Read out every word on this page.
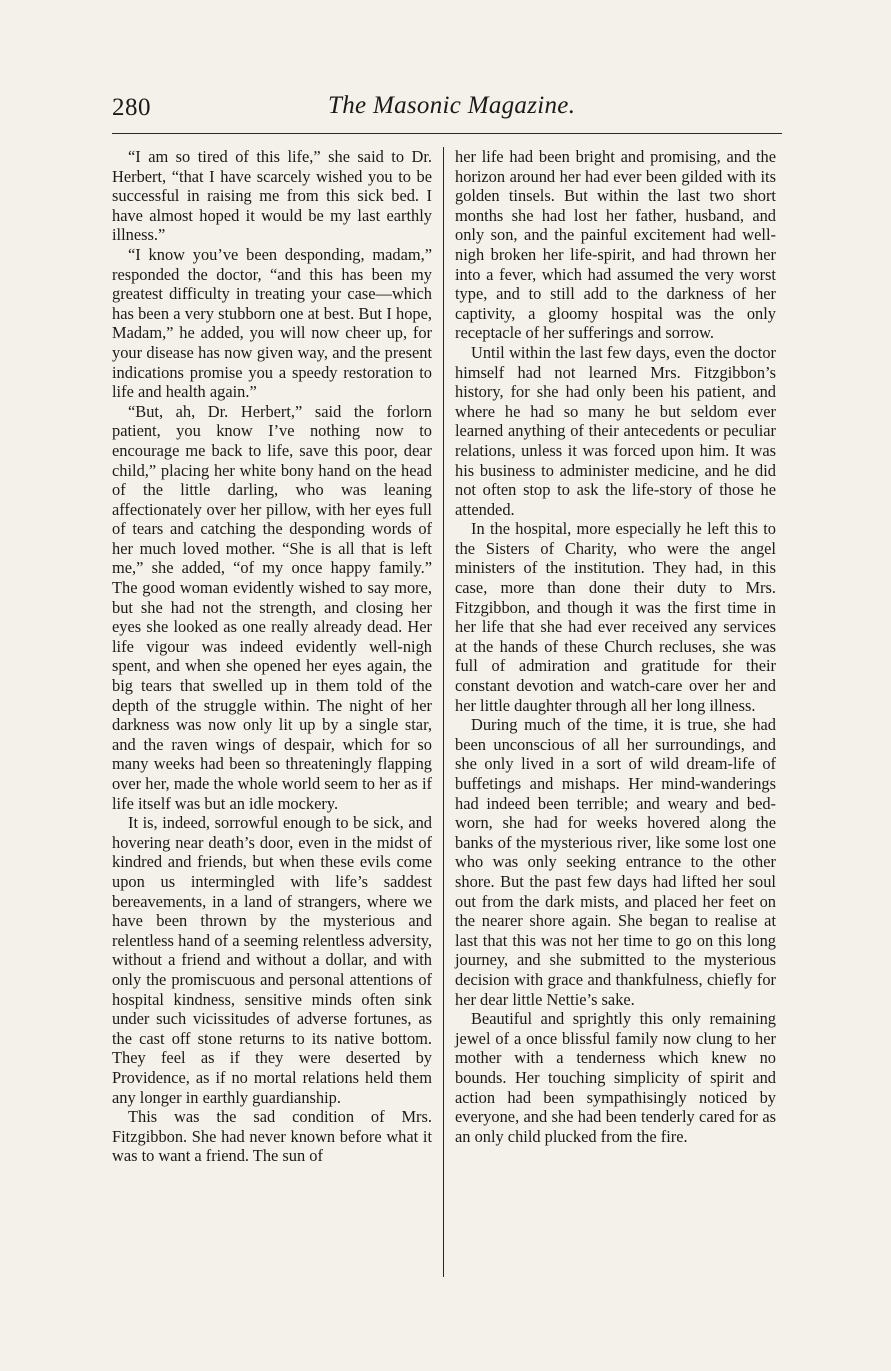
280	The Masonic Magazine.

“I am so tired of this life,” she said to Dr. Herbert, “that I have scarcely wished you to be successful in raising me from this sick bed. I have almost hoped it would be my last earthly illness.”

“I know you’ve been desponding, madam,” responded the doctor, “and this has been my greatest difficulty in treating your case—which has been a very stubborn one at best. But I hope, Madam,” he added, you will now cheer up, for your disease has now given way, and the present indications promise you a speedy restoration to life and health again.”

“But, ah, Dr. Herbert,” said the forlorn patient, you know I’ve nothing now to encourage me back to life, save this poor, dear child,” placing her white bony hand on the head of the little darling, who was leaning affectionately over her pillow, with her eyes full of tears and catching the desponding words of her much loved mother. “She is all that is left me,” she added, “of my once happy family.” The good woman evidently wished to say more, but she had not the strength, and closing her eyes she looked as one really already dead. Her life vigour was indeed evidently well-nigh spent, and when she opened her eyes again, the big tears that swelled up in them told of the depth of the struggle within. The night of her darkness was now only lit up by a single star, and the raven wings of despair, which for so many weeks had been so threateningly flapping over her, made the whole world seem to her as if life itself was but an idle mockery.

It is, indeed, sorrowful enough to be sick, and hovering near death’s door, even in the midst of kindred and friends, but when these evils come upon us intermingled with life’s saddest bereavements, in a land of strangers, where we have been thrown by the mysterious and relentless hand of a seeming relentless adversity, without a friend and without a dollar, and with only the promiscuous and personal attentions of hospital kindness, sensitive minds often sink under such vicissitudes of adverse fortunes, as the cast off stone returns to its native bottom. They feel as if they were deserted by Providence, as if no mortal relations held them any longer in earthly guardianship.

This was the sad condition of Mrs. Fitzgibbon. She had never known before what it was to want a friend. The sun of

her life had been bright and promising, and the horizon around her had ever been gilded with its golden tinsels. But within the last two short months she had lost her father, husband, and only son, and the painful excitement had well-nigh broken her life-spirit, and had thrown her into a fever, which had assumed the very worst type, and to still add to the darkness of her captivity, a gloomy hospital was the only receptacle of her sufferings and sorrow.

Until within the last few days, even the doctor himself had not learned Mrs. Fitzgibbon’s history, for she had only been his patient, and where he had so many he but seldom ever learned anything of their antecedents or peculiar relations, unless it was forced upon him. It was his business to administer medicine, and he did not often stop to ask the life-story of those he attended.

In the hospital, more especially he left this to the Sisters of Charity, who were the angel ministers of the institution. They had, in this case, more than done their duty to Mrs. Fitzgibbon, and though it was the first time in her life that she had ever received any services at the hands of these Church recluses, she was full of admiration and gratitude for their constant devotion and watch-care over her and her little daughter through all her long illness.

During much of the time, it is true, she had been unconscious of all her surroundings, and she only lived in a sort of wild dream-life of buffetings and mishaps. Her mind-wanderings had indeed been terrible; and weary and bed-worn, she had for weeks hovered along the banks of the mysterious river, like some lost one who was only seeking entrance to the other shore. But the past few days had lifted her soul out from the dark mists, and placed her feet on the nearer shore again. She began to realise at last that this was not her time to go on this long journey, and she submitted to the mysterious decision with grace and thankfulness, chiefly for her dear little Nettie’s sake.

Beautiful and sprightly this only remaining jewel of a once blissful family now clung to her mother with a tenderness which knew no bounds. Her touching simplicity of spirit and action had been sympathisingly noticed by everyone, and she had been tenderly cared for as an only child plucked from the fire.
